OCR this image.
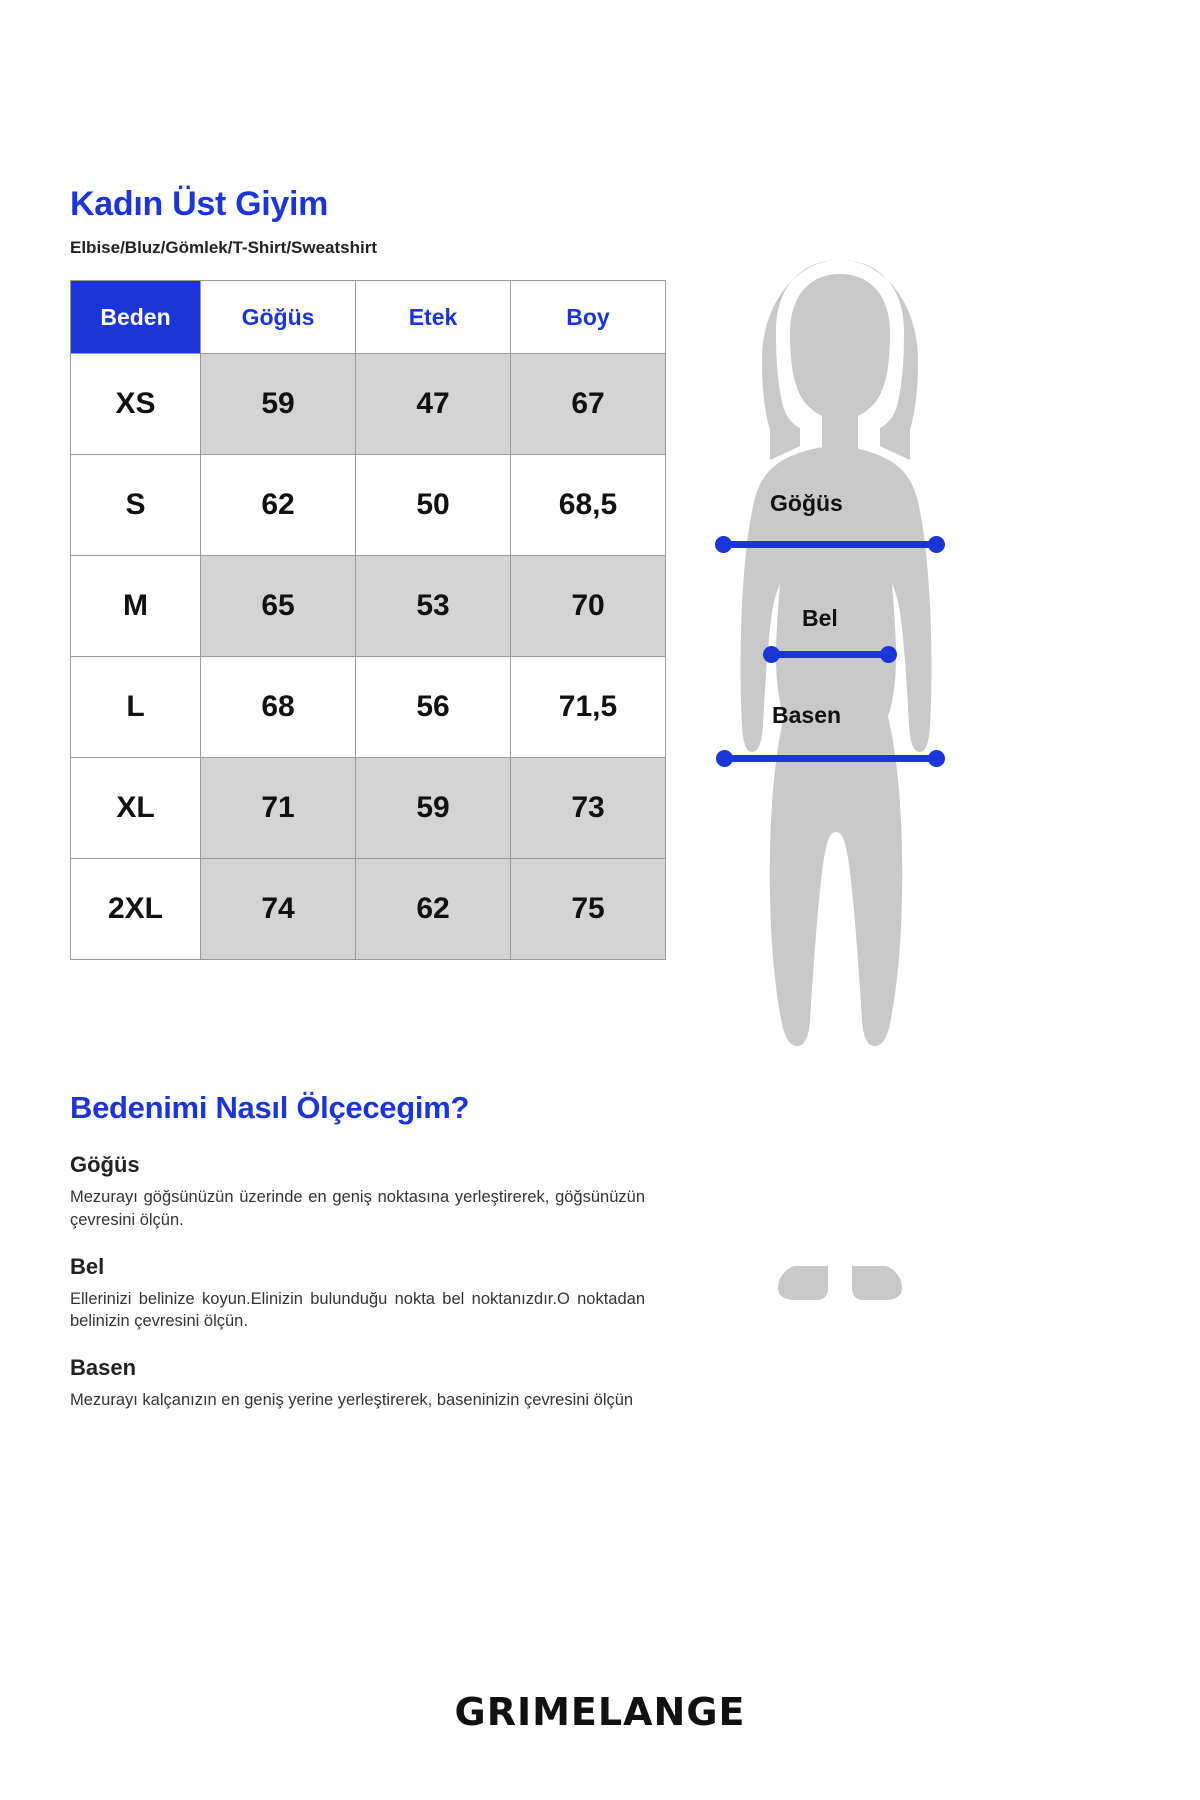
Kadın Üst Giyim
Elbise/Bluz/Gömlek/T-Shirt/Sweatshirt
Beden	Göğüs	Etek	Boy
XS	59	47	67
S	62	50	68,5
M	65	53	70
L	68	56	71,5
XL	71	59	73
2XL	74	62	75
Bedenimi Nasıl Ölçecegim?
Göğüs

Mezurayı göğsünüzün üzerinde en geniş noktasına yerleştirerek, göğsünüzün çevresini ölçün.

Bel

Ellerinizi belinize koyun.Elinizin bulunduğu nokta bel noktanızdır.O noktadan belinizin çevresini ölçün.

Basen

Mezurayı kalçanızın en geniş yerine yerleştirerek, baseninizin çevresini ölçün

Göğüs
Bel
Basen
GRIMELANGE
